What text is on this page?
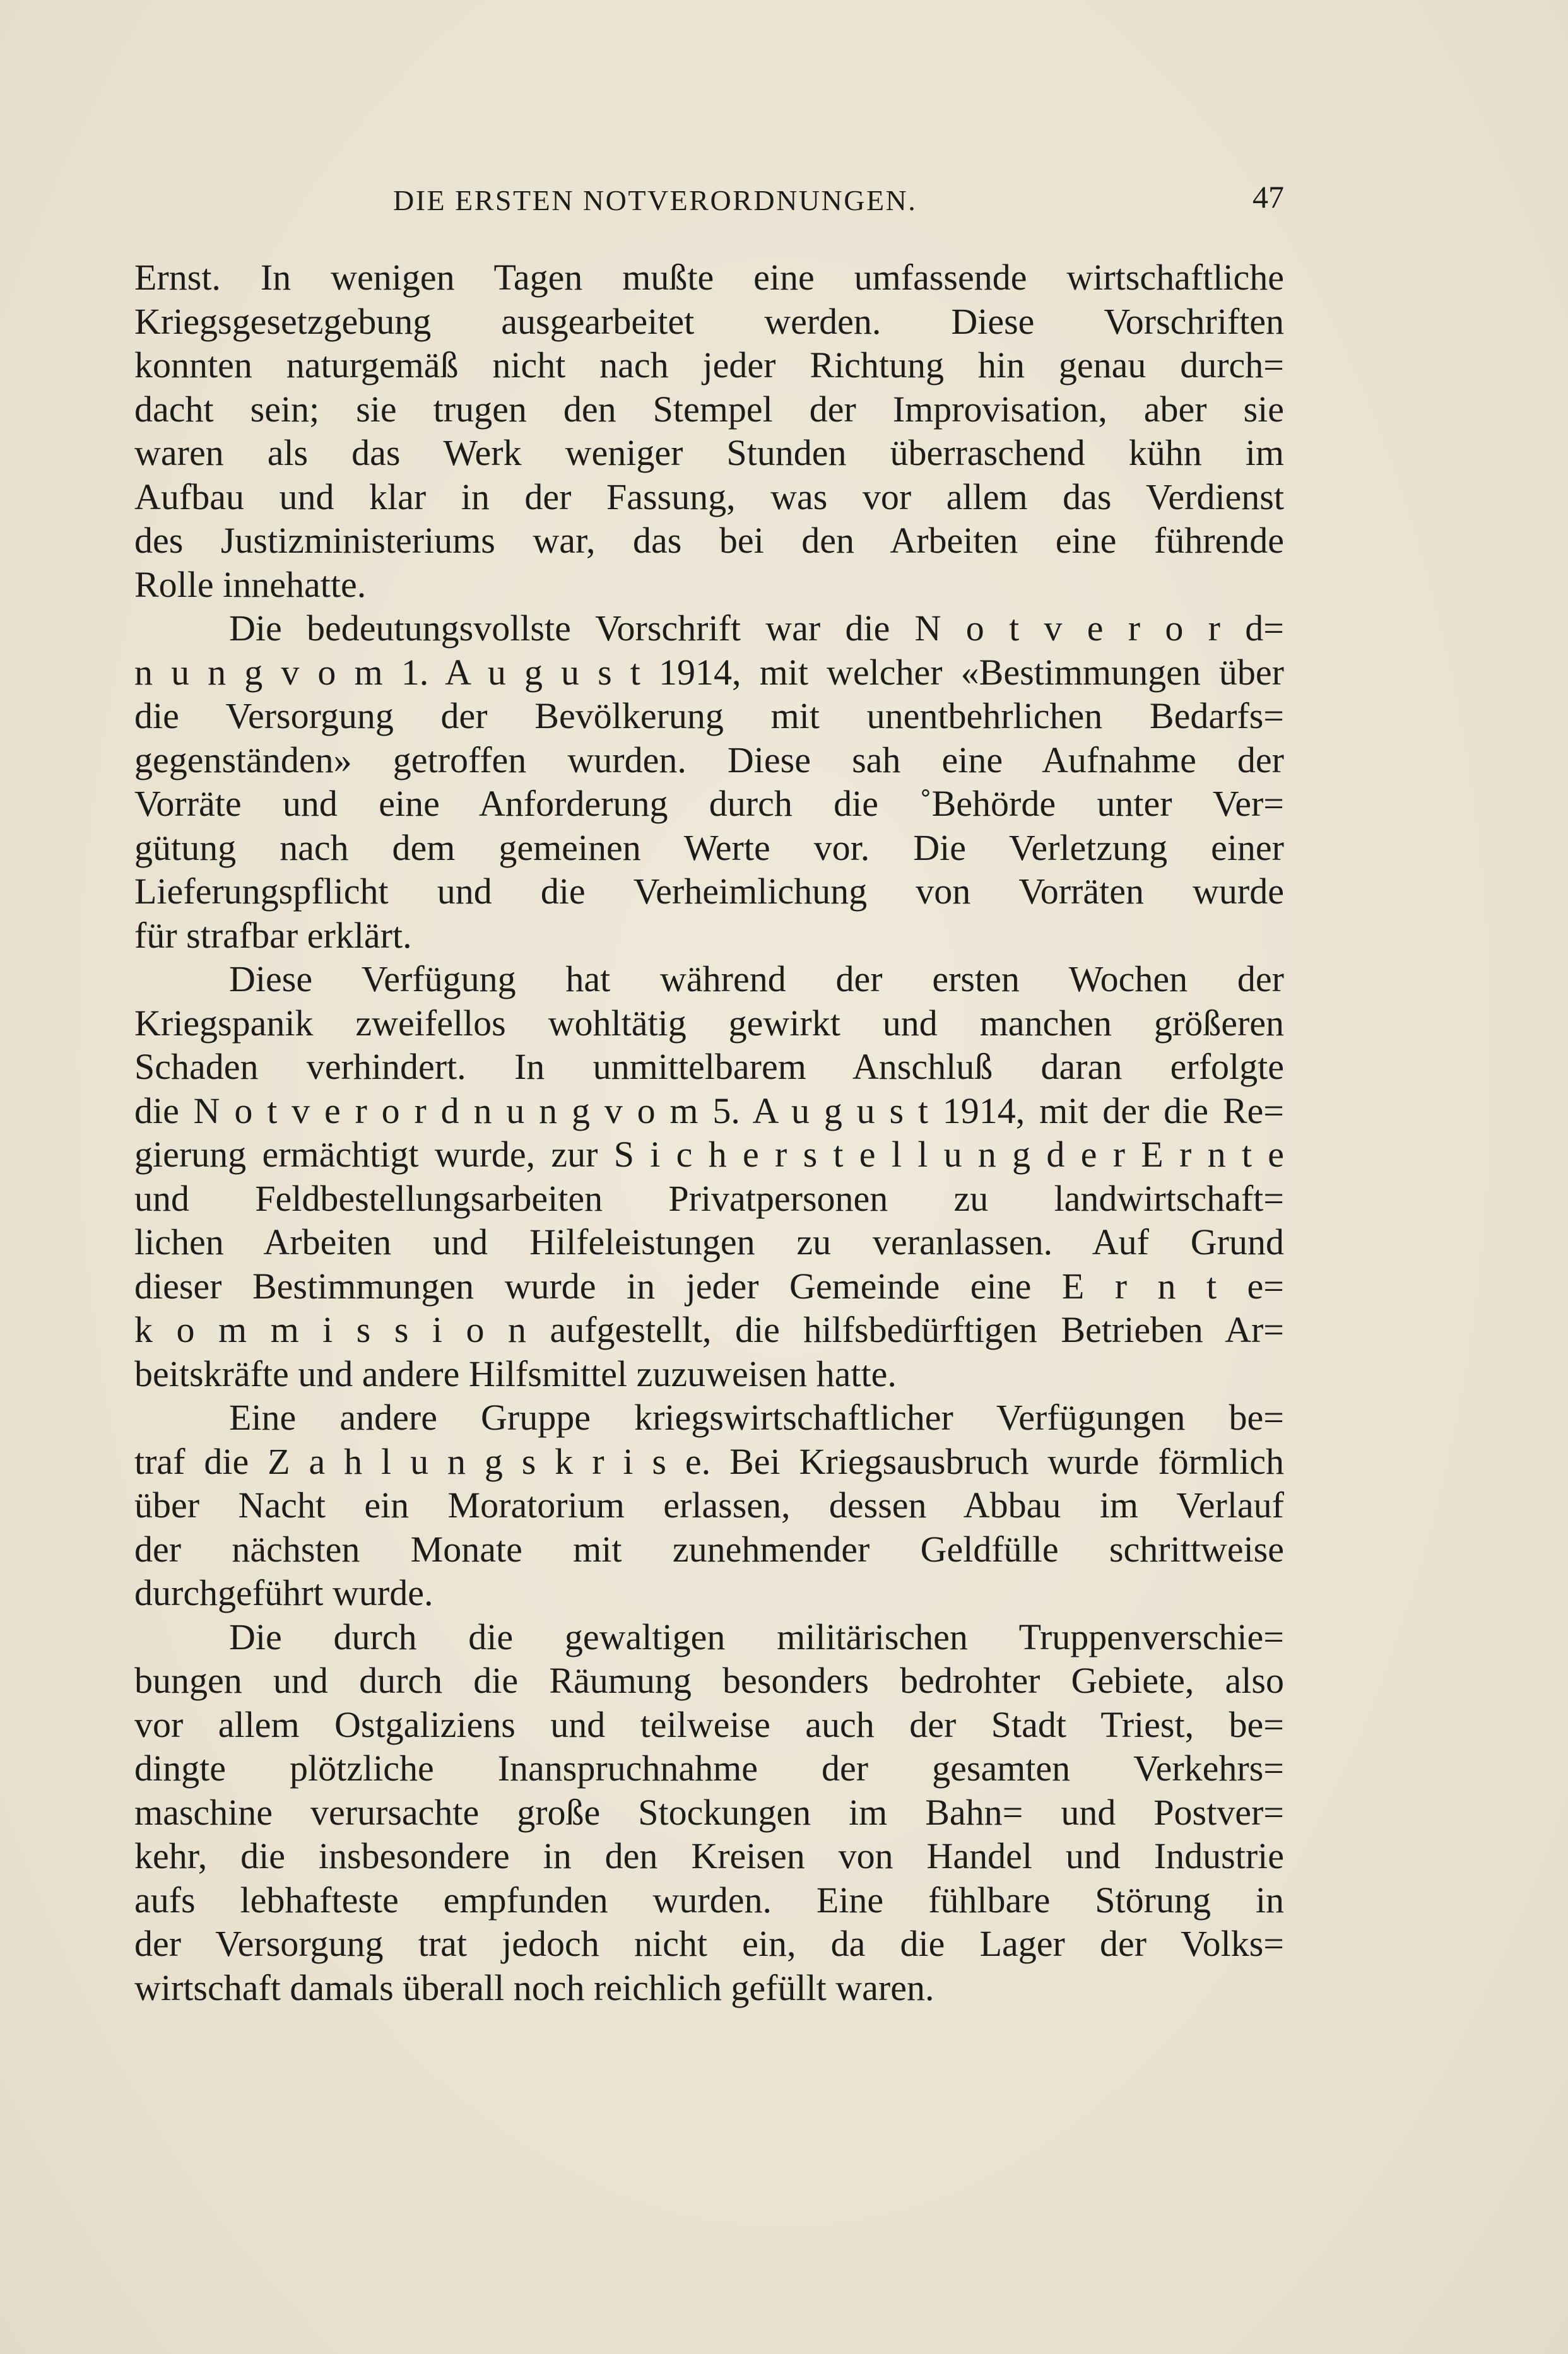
DIE ERSTEN NOTVERORDNUNGEN.	47
Ernst. In wenigen Tagen mußte eine umfassende wirtschaftliche
Kriegsgesetzgebung ausgearbeitet werden. Diese Vorschriften
konnten naturgemäß nicht nach jeder Richtung hin genau durch=
dacht sein; sie trugen den Stempel der Improvisation, aber sie
waren als das Werk weniger Stunden überraschend kühn im
Aufbau und klar in der Fassung, was vor allem das Verdienst
des Justizministeriums war, das bei den Arbeiten eine führende
Rolle innehatte.
Die bedeutungsvollste Vorschrift war die N o t v e r o r d=
n u n g v o m 1. A u g u s t 1914, mit welcher «Bestimmungen über
die Versorgung der Bevölkerung mit unentbehrlichen Bedarfs=
gegenständen» getroffen wurden. Diese sah eine Aufnahme der
Vorräte und eine Anforderung durch die ˚Behörde unter Ver=
gütung nach dem gemeinen Werte vor. Die Verletzung einer
Lieferungspflicht und die Verheimlichung von Vorräten wurde
für strafbar erklärt.
Diese Verfügung hat während der ersten Wochen der
Kriegspanik zweifellos wohltätig gewirkt und manchen größeren
Schaden verhindert. In unmittelbarem Anschluß daran erfolgte
die N o t v e r o r d n u n g v o m 5. A u g u s t 1914, mit der die Re=
gierung ermächtigt wurde, zur S i c h e r s t e l l u n g d e r E r n t e
und Feldbestellungsarbeiten Privatpersonen zu landwirtschaft=
lichen Arbeiten und Hilfeleistungen zu veranlassen. Auf Grund
dieser Bestimmungen wurde in jeder Gemeinde eine E r n t e=
k o m m i s s i o n aufgestellt, die hilfsbedürftigen Betrieben Ar=
beitskräfte und andere Hilfsmittel zuzuweisen hatte.
Eine andere Gruppe kriegswirtschaftlicher Verfügungen be=
traf die Z a h l u n g s k r i s e. Bei Kriegsausbruch wurde förmlich
über Nacht ein Moratorium erlassen, dessen Abbau im Verlauf
der nächsten Monate mit zunehmender Geldfülle schrittweise
durchgeführt wurde.
Die durch die gewaltigen militärischen Truppenverschie=
bungen und durch die Räumung besonders bedrohter Gebiete, also
vor allem Ostgaliziens und teilweise auch der Stadt Triest, be=
dingte plötzliche Inanspruchnahme der gesamten Verkehrs=
maschine verursachte große Stockungen im Bahn= und Postver=
kehr, die insbesondere in den Kreisen von Handel und Industrie
aufs lebhafteste empfunden wurden. Eine fühlbare Störung in
der Versorgung trat jedoch nicht ein, da die Lager der Volks=
wirtschaft damals überall noch reichlich gefüllt waren.
